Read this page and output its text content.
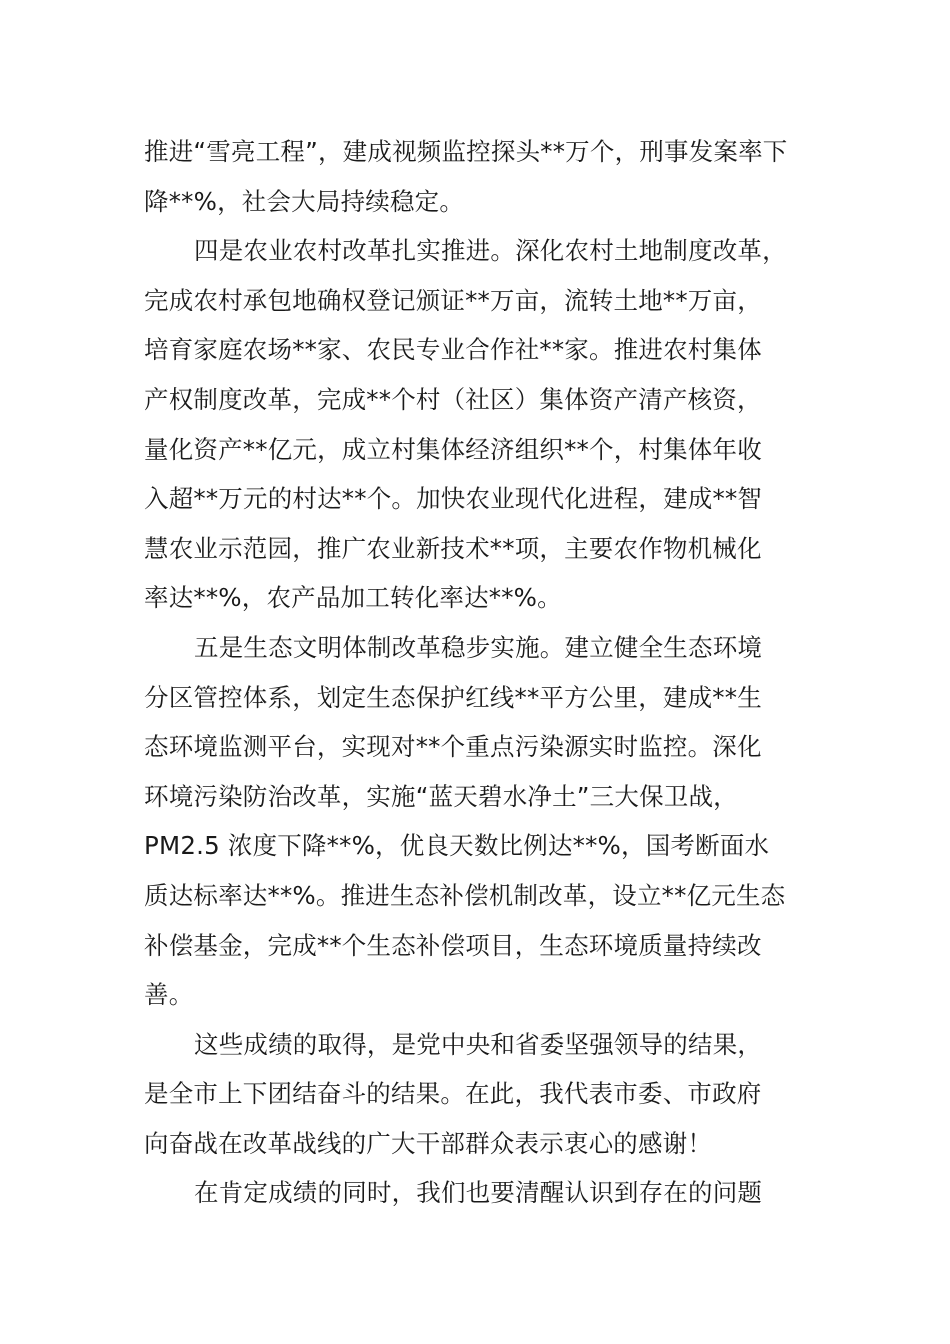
推进“雪亮工程”，建成视频监控探头**万个，刑事发案率下
降**%，社会大局持续稳定。
四是农业农村改革扎实推进。深化农村土地制度改革，
完成农村承包地确权登记颁证**万亩，流转土地**万亩，
培育家庭农场**家、农民专业合作社**家。推进农村集体
产权制度改革，完成**个村（社区）集体资产清产核资，
量化资产**亿元，成立村集体经济组织**个，村集体年收
入超**万元的村达**个。加快农业现代化进程，建成**智
慧农业示范园，推广农业新技术**项，主要农作物机械化
率达**%，农产品加工转化率达**%。
五是生态文明体制改革稳步实施。建立健全生态环境
分区管控体系，划定生态保护红线**平方公里，建成**生
态环境监测平台，实现对**个重点污染源实时监控。深化
环境污染防治改革，实施“蓝天碧水净土”三大保卫战，
PM2.5 浓度下降**%，优良天数比例达**%，国考断面水
质达标率达**%。推进生态补偿机制改革，设立**亿元生态
补偿基金，完成**个生态补偿项目，生态环境质量持续改
善。
这些成绩的取得，是党中央和省委坚强领导的结果，
是全市上下团结奋斗的结果。在此，我代表市委、市政府
向奋战在改革战线的广大干部群众表示衷心的感谢！
在肯定成绩的同时，我们也要清醒认识到存在的问题
